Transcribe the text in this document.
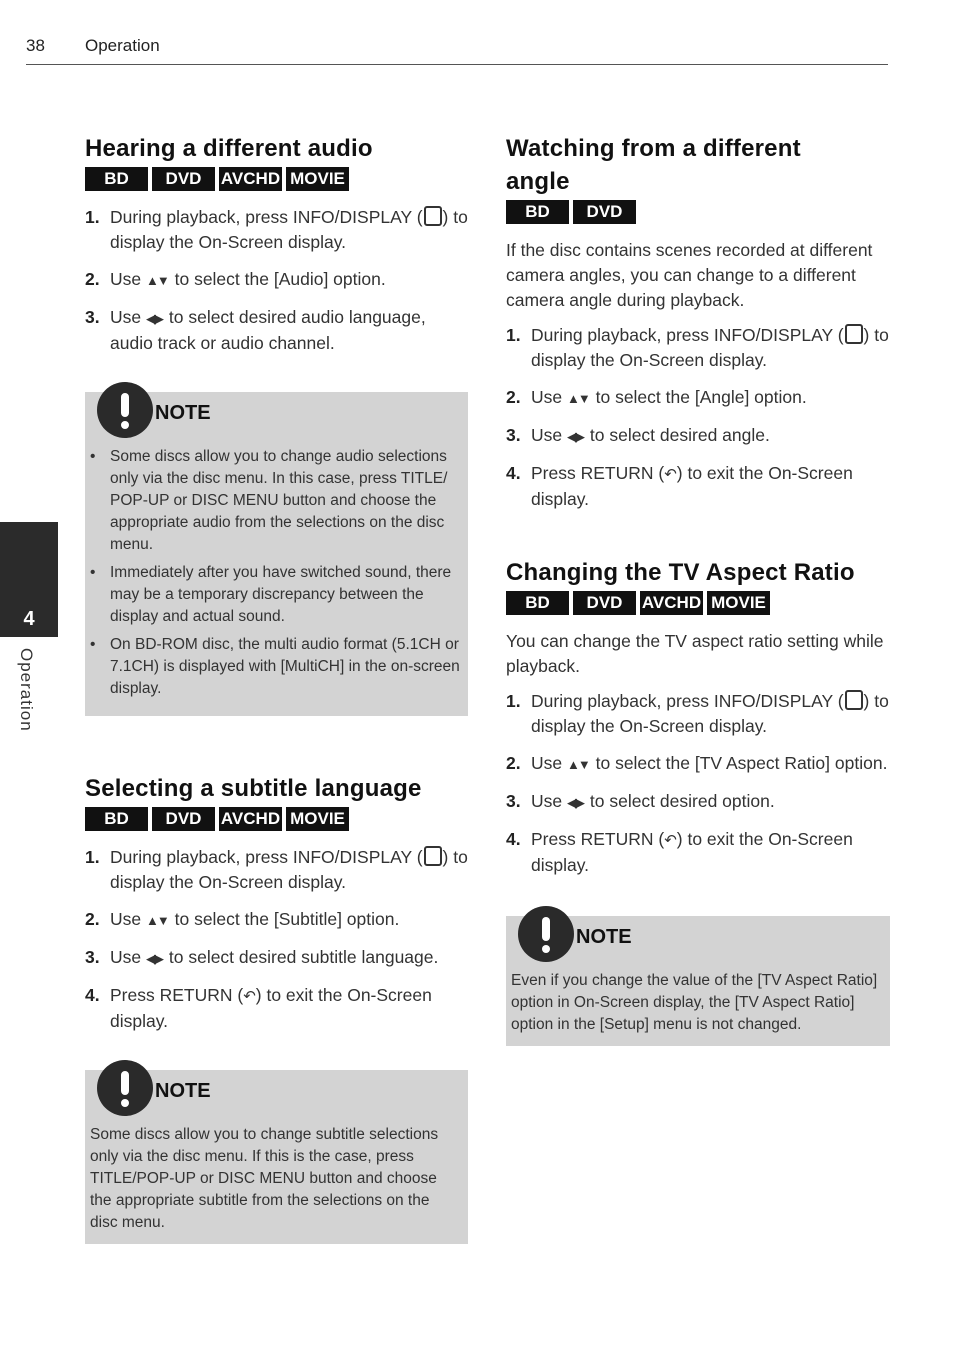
38 Operation
4
Operation
Hearing a different audio
BD	DVD	AVCHD MOVIE
1. During playback, press INFO/DISPLAY ( ) to display the On-Screen display.
2. Use ▲▼ to select the [Audio] option.
3. Use ◀▶ to select desired audio language, audio track or audio channel.
NOTE
• Some discs allow you to change audio selections only via the disc menu. In this case, press TITLE/ POP-UP or DISC MENU button and choose the appropriate audio from the selections on the disc menu.
• Immediately after you have switched sound, there may be a temporary discrepancy between the display and actual sound.
• On BD-ROM disc, the multi audio format (5.1CH or 7.1CH) is displayed with [MultiCH] in the on-screen display.
Selecting a subtitle language
BD	DVD	AVCHD MOVIE
1. During playback, press INFO/DISPLAY ( ) to display the On-Screen display.
2. Use ▲▼ to select the [Subtitle] option.
3. Use ◀▶ to select desired subtitle language.
4. Press RETURN (↶) to exit the On-Screen display.
NOTE

Some discs allow you to change subtitle selections only via the disc menu. If this is the case, press TITLE/POP-UP or DISC MENU button and choose the appropriate subtitle from the selections on the disc menu.

Watching from a different angle
BD	DVD

If the disc contains scenes recorded at different camera angles, you can change to a different camera angle during playback.

1. During playback, press INFO/DISPLAY ( ) to display the On-Screen display.
2. Use ▲▼ to select the [Angle] option.
3. Use ◀▶ to select desired angle.
4. Press RETURN (↶) to exit the On-Screen display.
Changing the TV Aspect Ratio
BD	DVD	AVCHD MOVIE

You can change the TV aspect ratio setting while playback.

1. During playback, press INFO/DISPLAY ( ) to display the On-Screen display.
2. Use ▲▼ to select the [TV Aspect Ratio] option.
3. Use ◀▶ to select desired option.
4. Press RETURN (↶) to exit the On-Screen display.
NOTE

Even if you change the value of the [TV Aspect Ratio] option in On-Screen display, the [TV Aspect Ratio] option in the [Setup] menu is not changed.
